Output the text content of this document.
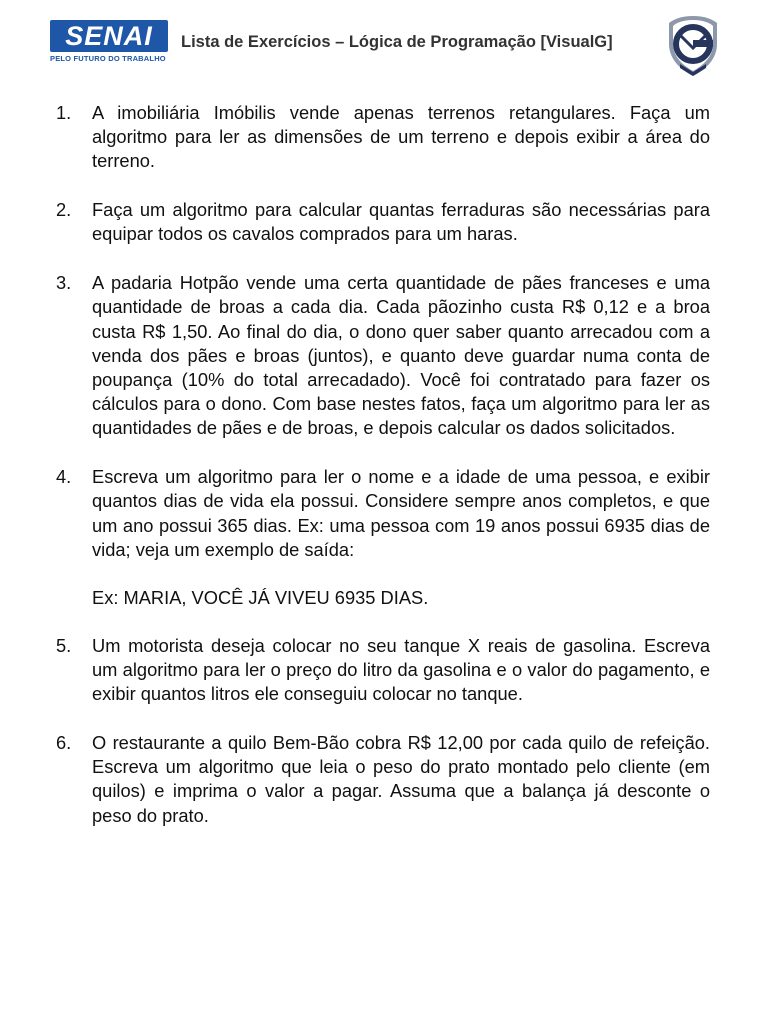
SENAI
PELO FUTURO DO TRABALHO
Lista de Exercícios – Lógica de Programação [VisualG]
1.	A imobiliária Imóbilis vende apenas terrenos retangulares. Faça um algoritmo para ler as dimensões de um terreno e depois exibir a área do terreno.
2.	Faça um algoritmo para calcular quantas ferraduras são necessárias para equipar todos os cavalos comprados para um haras.
3.	A padaria Hotpão vende uma certa quantidade de pães franceses e uma quantidade de broas a cada dia. Cada pãozinho custa R$ 0,12 e a broa custa R$ 1,50. Ao final do dia, o dono quer saber quanto arrecadou com a venda dos pães e broas (juntos), e quanto deve guardar numa conta de poupança (10% do total arrecadado). Você foi contratado para fazer os cálculos para o dono. Com base nestes fatos, faça um algoritmo para ler as quantidades de pães e de broas, e depois calcular os dados solicitados.
4.	Escreva um algoritmo para ler o nome e a idade de uma pessoa, e exibir quantos dias de vida ela possui. Considere sempre anos completos, e que um ano possui 365 dias. Ex: uma pessoa com 19 anos possui 6935 dias de vida; veja um exemplo de saída:
Ex: MARIA, VOCÊ JÁ VIVEU 6935 DIAS.
5.	Um motorista deseja colocar no seu tanque X reais de gasolina. Escreva um algoritmo para ler o preço do litro da gasolina e o valor do pagamento, e exibir quantos litros ele conseguiu colocar no tanque.
6.	O restaurante a quilo Bem-Bão cobra R$ 12,00 por cada quilo de refeição. Escreva um algoritmo que leia o peso do prato montado pelo cliente (em quilos) e imprima o valor a pagar. Assuma que a balança já desconte o peso do prato.
